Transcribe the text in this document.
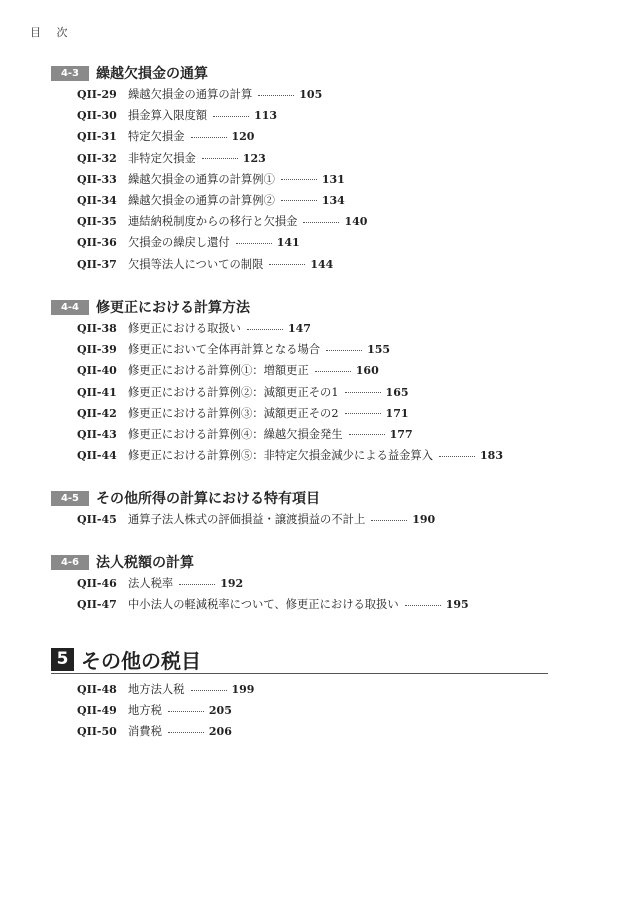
目 次
4-3	繰越欠損金の通算
QII-29 繰越欠損金の通算の計算	105
QII-30 損金算入限度額	113
QII-31 特定欠損金	120
QII-32 非特定欠損金	123
QII-33 繰越欠損金の通算の計算例①	131
QII-34 繰越欠損金の通算の計算例②	134
QII-35 連結納税制度からの移行と欠損金	140
QII-36 欠損金の繰戻し還付	141
QII-37 欠損等法人についての制限	144
4-4	修更正における計算方法
QII-38 修更正における取扱い	147
QII-39 修更正において全体再計算となる場合	155
QII-40 修更正における計算例①：増額更正	160
QII-41 修更正における計算例②：減額更正その1	165
QII-42 修更正における計算例③：減額更正その2	171
QII-43 修更正における計算例④：繰越欠損金発生	177
QII-44 修更正における計算例⑤：非特定欠損金減少による益金算入	183
4-5	その他所得の計算における特有項目
QII-45 通算子法人株式の評価損益・譲渡損益の不計上	190
4-6	法人税額の計算
QII-46 法人税率	192
QII-47 中小法人の軽減税率について、修更正における取扱い	195
5 その他の税目
QII-48 地方法人税	199
QII-49 地方税	205
QII-50 消費税	206
